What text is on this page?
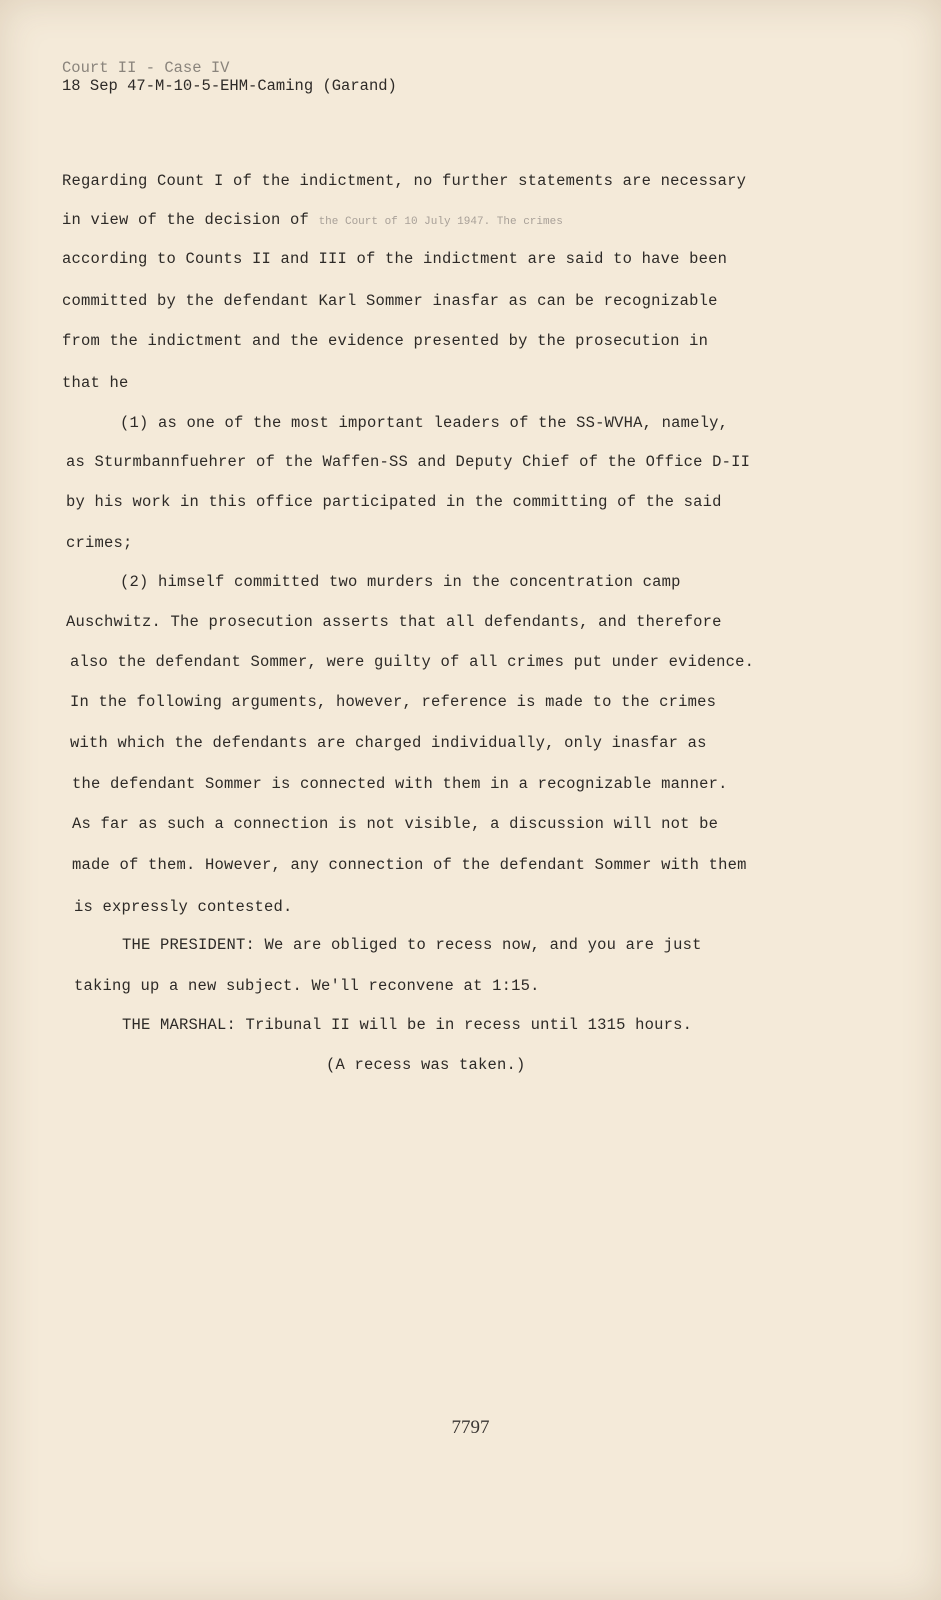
Court II - Case IV
18 Sep 47-M-10-5-EHM-Caming (Garand)
Regarding Count I of the indictment, no further statements are necessary
in view of the decision of the Court of 10 July 1947. The crimes
according to Counts II and III of the indictment are said to have been
committed by the defendant Karl Sommer inasfar as can be recognizable
from the indictment and the evidence presented by the prosecution in
that he
(1) as one of the most important leaders of the SS-WVHA, namely,
as Sturmbannfuehrer of the Waffen-SS and Deputy Chief of the Office D-II
by his work in this office participated in the committing of the said
crimes;
(2) himself committed two murders in the concentration camp
Auschwitz. The prosecution asserts that all defendants, and therefore
also the defendant Sommer, were guilty of all crimes put under evidence.
In the following arguments, however, reference is made to the crimes
with which the defendants are charged individually, only inasfar as
the defendant Sommer is connected with them in a recognizable manner.
As far as such a connection is not visible, a discussion will not be
made of them. However, any connection of the defendant Sommer with them
is expressly contested.
THE PRESIDENT: We are obliged to recess now, and you are just
taking up a new subject. We'll reconvene at 1:15.
THE MARSHAL: Tribunal II will be in recess until 1315 hours.
(A recess was taken.)
7797
